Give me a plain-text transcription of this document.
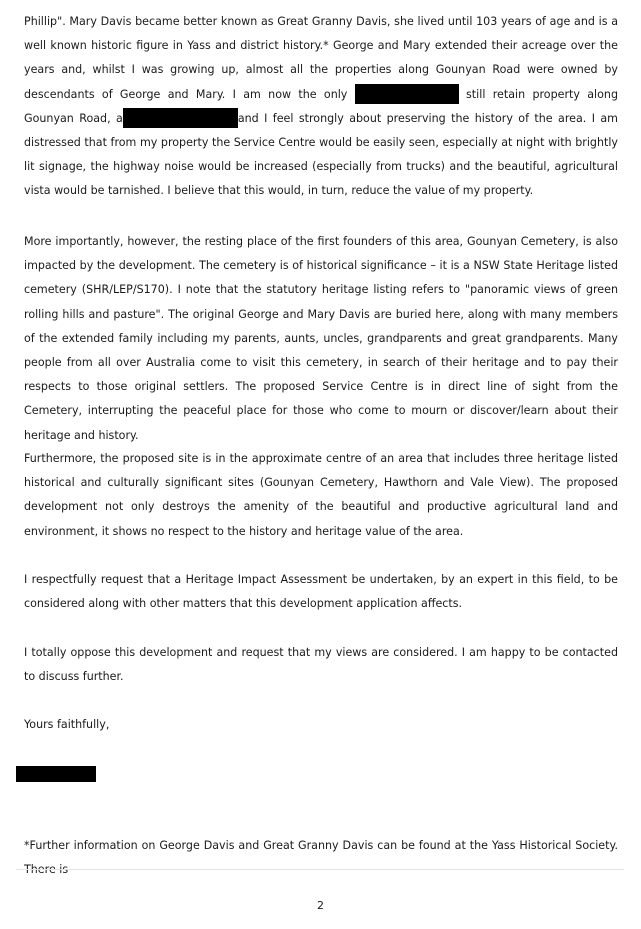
Phillip". Mary Davis became better known as Great Granny Davis, she lived until 103 years of age and is a well known historic figure in Yass and district history.* George and Mary extended their acreage over the years and, whilst I was growing up, almost all the properties along Gounyan Road were owned by descendants of George and Mary. I am now the only	still retain property along Gounyan Road, a	and I feel strongly about preserving the history of the area. I am distressed that from my property the Service Centre would be easily seen, especially at night with brightly lit signage, the highway noise would be increased (especially from trucks) and the beautiful, agricultural vista would be tarnished. I believe that this would, in turn, reduce the value of my property.

More importantly, however, the resting place of the first founders of this area, Gounyan Cemetery, is also impacted by the development. The cemetery is of historical significance – it is a NSW State Heritage listed cemetery (SHR/LEP/S170). I note that the statutory heritage listing refers to "panoramic views of green rolling hills and pasture". The original George and Mary Davis are buried here, along with many members of the extended family including my parents, aunts, uncles, grandparents and great grandparents. Many people from all over Australia come to visit this cemetery, in search of their heritage and to pay their respects to those original settlers. The proposed Service Centre is in direct line of sight from the Cemetery, interrupting the peaceful place for those who come to mourn or discover/learn about their heritage and history.

Furthermore, the proposed site is in the approximate centre of an area that includes three heritage listed historical and culturally significant sites (Gounyan Cemetery, Hawthorn and Vale View). The proposed development not only destroys the amenity of the beautiful and productive agricultural land and environment, it shows no respect to the history and heritage value of the area.

I respectfully request that a Heritage Impact Assessment be undertaken, by an expert in this field, to be considered along with other matters that this development application affects.

I totally oppose this development and request that my views are considered. I am happy to be contacted to discuss further.

Yours faithfully,

*Further information on George Davis and Great Granny Davis can be found at the Yass Historical Society.

2
